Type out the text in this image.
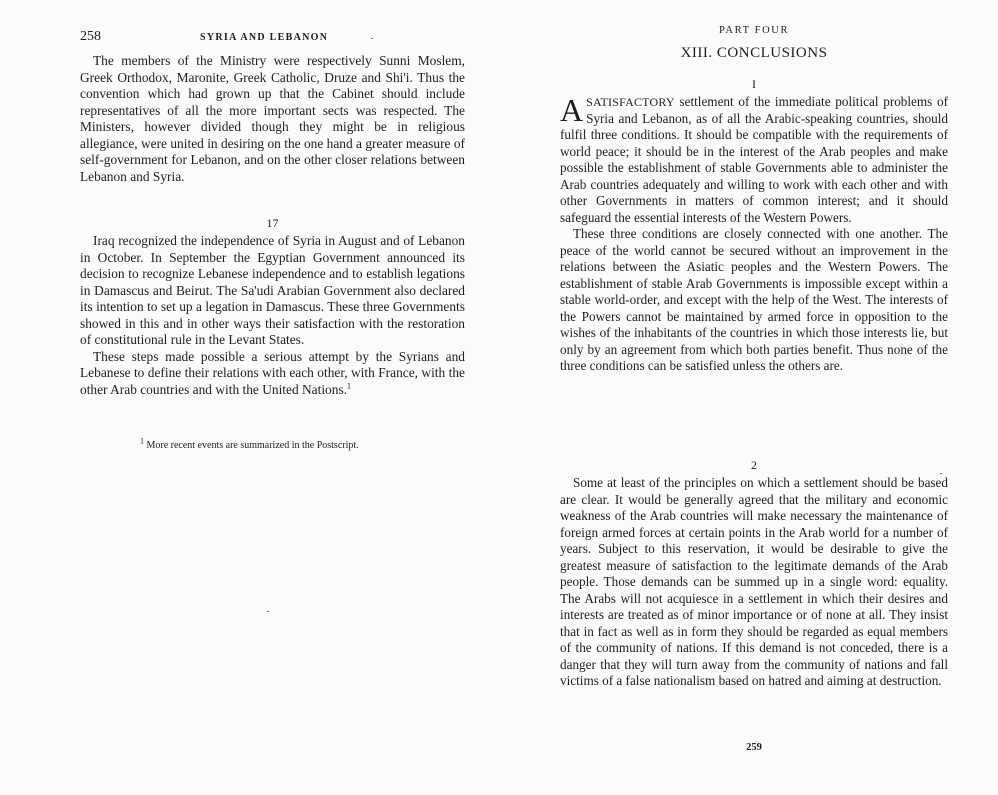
258	SYRIA AND LEBANON

The members of the Ministry were respectively Sunni Moslem, Greek Orthodox, Maronite, Greek Catholic, Druze and Shi'i. Thus the convention which had grown up that the Cabinet should include representatives of all the more important sects was respected. The Ministers, however divided though they might be in religious allegiance, were united in desiring on the one hand a greater measure of self-government for Lebanon, and on the other closer relations between Lebanon and Syria.

17

Iraq recognized the independence of Syria in August and of Lebanon in October. In September the Egyptian Government announced its decision to recognize Lebanese independence and to establish legations in Damascus and Beirut. The Sa'udi Arabian Government also declared its intention to set up a legation in Damascus. These three Governments showed in this and in other ways their satisfaction with the restoration of constitutional rule in the Levant States.

These steps made possible a serious attempt by the Syrians and Lebanese to define their relations with each other, with France, with the other Arab countries and with the United Nations.$^1$

$^1$ More recent events are summarized in the Postscript.

PART FOUR

XIII. CONCLUSIONS

I

ASATISFACTORY settlement of the immediate political problems of Syria and Lebanon, as of all the Arabic-speaking countries, should fulfil three conditions. It should be compatible with the requirements of world peace; it should be in the interest of the Arab peoples and make possible the establishment of stable Governments able to administer the Arab countries adequately and willing to work with each other and with other Governments in matters of common interest; and it should safeguard the essential interests of the Western Powers.

These three conditions are closely connected with one another. The peace of the world cannot be secured without an improvement in the relations between the Asiatic peoples and the Western Powers. The establishment of stable Arab Governments is impossible except within a stable world-order, and except with the help of the West. The interests of the Powers cannot be maintained by armed force in opposition to the wishes of the inhabitants of the countries in which those interests lie, but only by an agreement from which both parties benefit. Thus none of the three conditions can be satisfied unless the others are.

2

Some at least of the principles on which a settlement should be based are clear. It would be generally agreed that the military and economic weakness of the Arab countries will make necessary the maintenance of foreign armed forces at certain points in the Arab world for a number of years. Subject to this reservation, it would be desirable to give the greatest measure of satisfaction to the legitimate demands of the Arab people. Those demands can be summed up in a single word: equality. The Arabs will not acquiesce in a settlement in which their desires and interests are treated as of minor importance or of none at all. They insist that in fact as well as in form they should be regarded as equal members of the community of nations. If this demand is not conceded, there is a danger that they will turn away from the community of nations and fall victims of a false nationalism based on hatred and aiming at destruction.

259
